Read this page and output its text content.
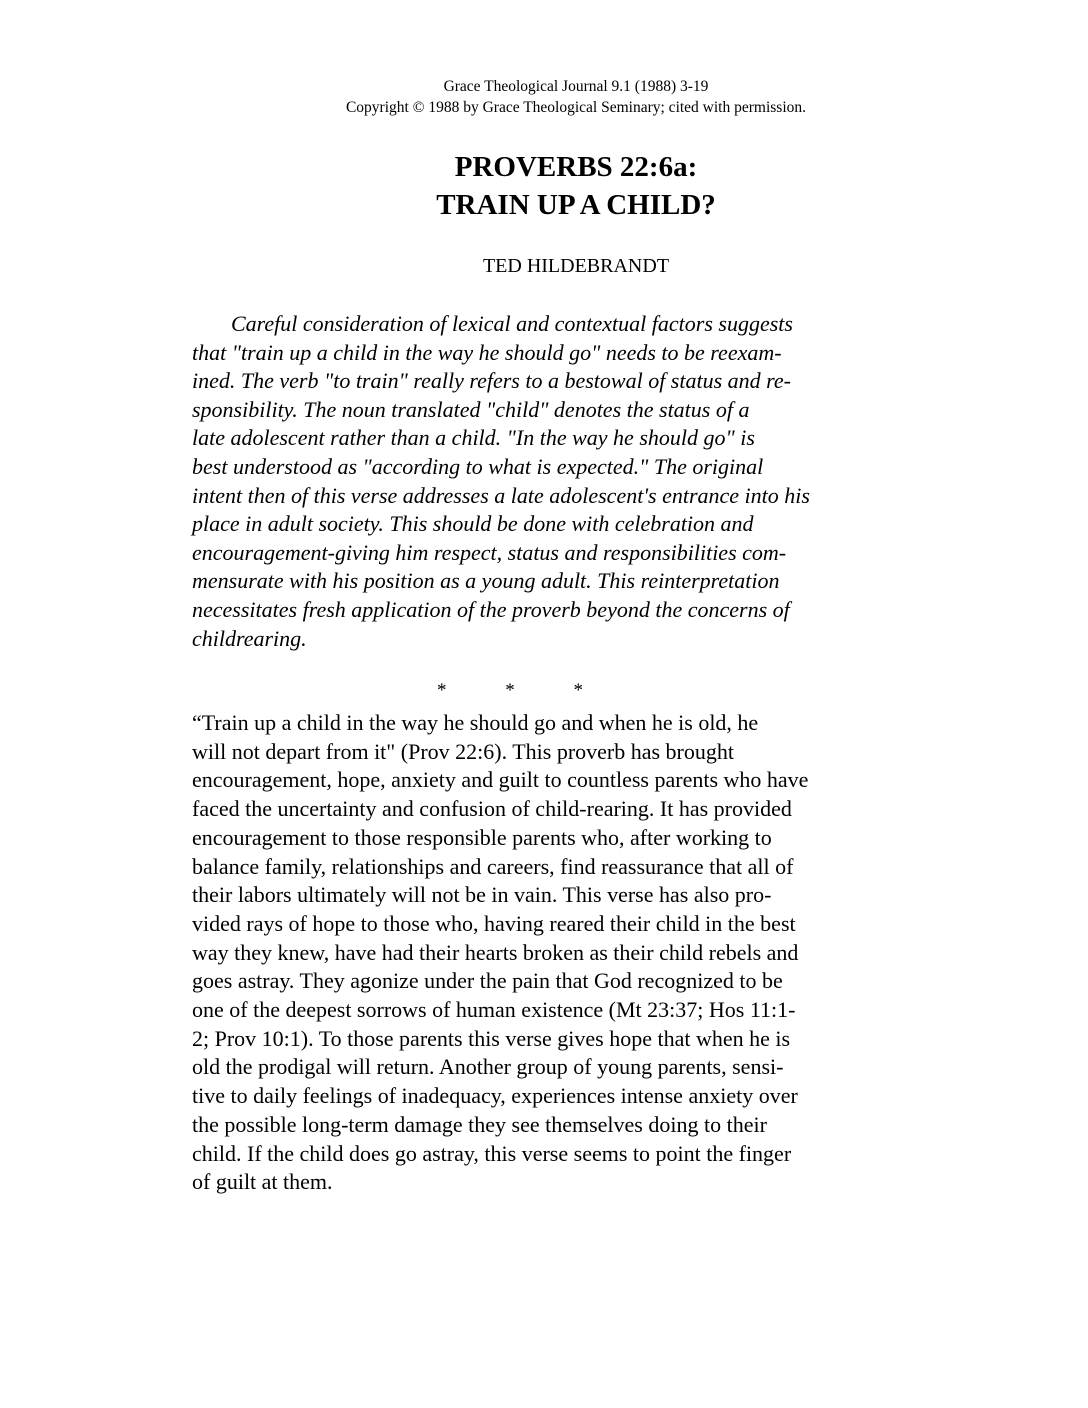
Grace Theological Journal 9.1 (1988) 3-19
Copyright © 1988 by Grace Theological Seminary; cited with permission.
PROVERBS 22:6a:
TRAIN UP A CHILD?
TED HILDEBRANDT
Careful consideration of lexical and contextual factors suggests
that "train up a child in the way he should go" needs to be reexam-
ined. The verb "to train" really refers to a bestowal of status and re-
sponsibility. The noun translated "child" denotes the status of a
late adolescent rather than a child. "In the way he should go" is
best understood as "according to what is expected." The original
intent then of this verse addresses a late adolescent's entrance into his
place in adult society. This should be done with celebration and
encouragement-giving him respect, status and responsibilities com-
mensurate with his position as a young adult. This reinterpretation
necessitates fresh application of the proverb beyond the concerns of
childrearing.
*	*	*
“Train up a child in the way he should go and when he is old, he
will not depart from it" (Prov 22:6). This proverb has brought
encouragement, hope, anxiety and guilt to countless parents who have
faced the uncertainty and confusion of child-rearing. It has provided
encouragement to those responsible parents who, after working to
balance family, relationships and careers, find reassurance that all of
their labors ultimately will not be in vain. This verse has also pro-
vided rays of hope to those who, having reared their child in the best
way they knew, have had their hearts broken as their child rebels and
goes astray. They agonize under the pain that God recognized to be
one of the deepest sorrows of human existence (Mt 23:37; Hos 11:1-
2; Prov 10:1). To those parents this verse gives hope that when he is
old the prodigal will return. Another group of young parents, sensi-
tive to daily feelings of inadequacy, experiences intense anxiety over
the possible long-term damage they see themselves doing to their
child. If the child does go astray, this verse seems to point the finger
of guilt at them.
